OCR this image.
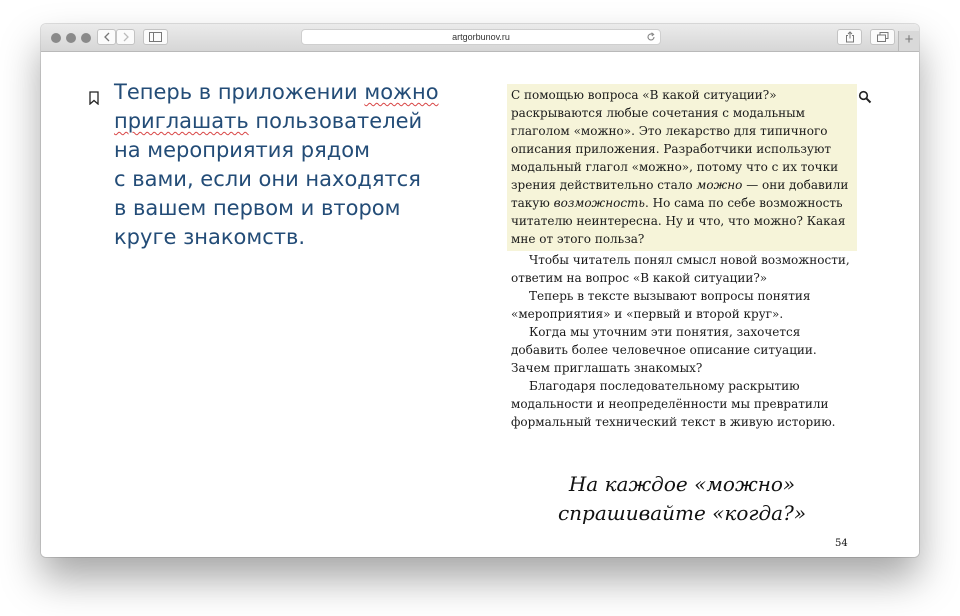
artgorbunov.ru	+

Теперь в приложении можно
приглашать пользователей
на мероприятия рядом
с вами, если они находятся
в вашем первом и втором
круге знакомств.

С помощью вопроса «В какой ситуации?» раскрываются любые сочетания с модальным глаголом «можно». Это лекарство для типичного описания приложения. Разработчики используют модальный глагол «можно», потому что с их точки зрения действительно стало можно — они добавили такую возможность. Но сама по себе возможность читателю неинтересна. Ну и что, что можно? Какая мне от этого польза?

Чтобы читатель понял смысл новой возможности, ответим на вопрос «В какой ситуации?»

Теперь в тексте вызывают вопросы понятия «мероприятия» и «первый и второй круг».

Когда мы уточним эти понятия, захочется добавить более человечное описание ситуации. Зачем приглашать знакомых?

Благодаря последовательному раскрытию модальности и неопределённости мы превратили формальный технический текст в живую историю.

На каждое «можно»
спрашивайте «когда?»

54
